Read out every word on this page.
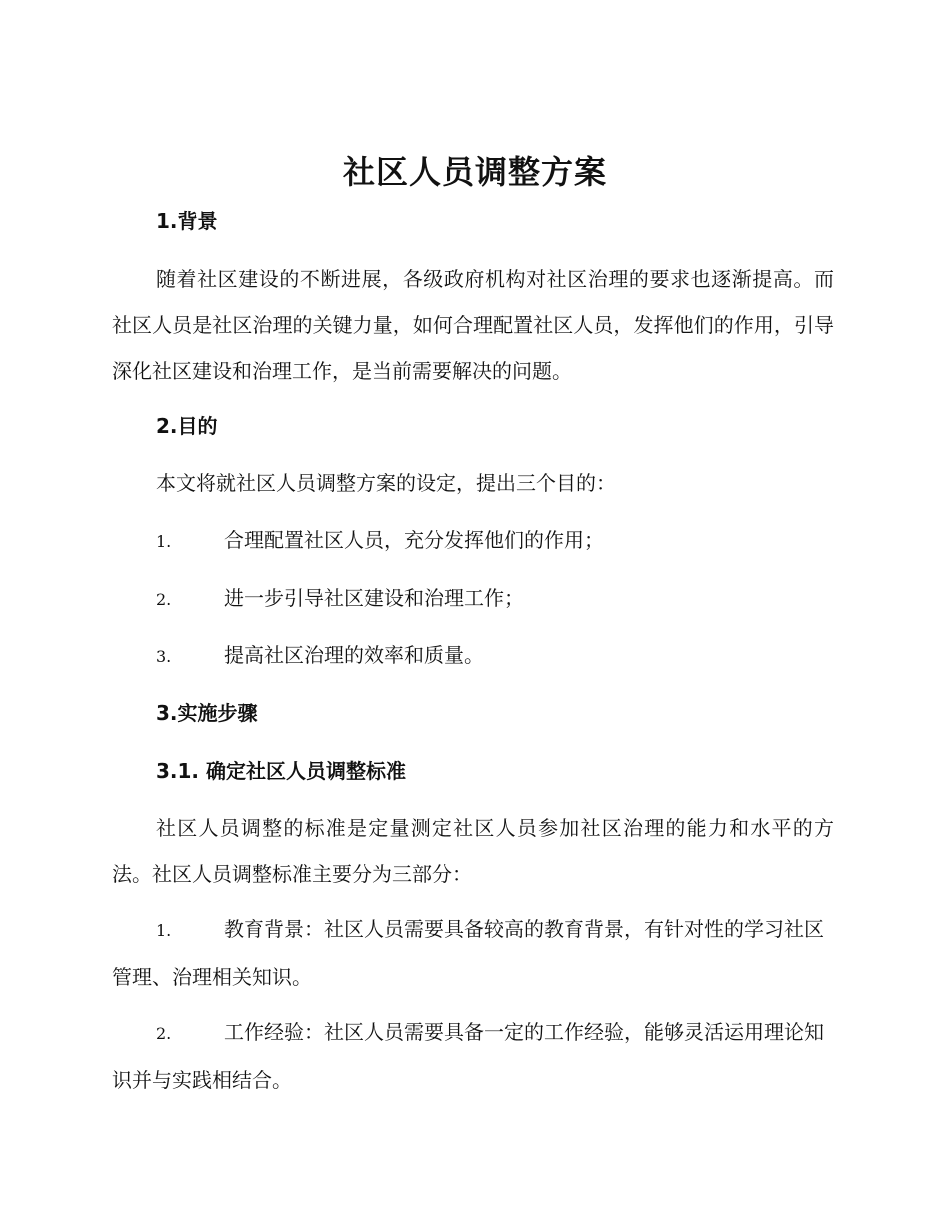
社区人员调整方案
1.背景

随着社区建设的不断进展，各级政府机构对社区治理的要求也逐渐提高。而社区人员是社区治理的关键力量，如何合理配置社区人员，发挥他们的作用，引导深化社区建设和治理工作，是当前需要解决的问题。

2.目的

本文将就社区人员调整方案的设定，提出三个目的：

1.	合理配置社区人员，充分发挥他们的作用；

2.	进一步引导社区建设和治理工作；

3.	提高社区治理的效率和质量。

3.实施步骤
3.1. 确定社区人员调整标准

社区人员调整的标准是定量测定社区人员参加社区治理的能力和水平的方法。社区人员调整标准主要分为三部分：

1.	教育背景：社区人员需要具备较高的教育背景，有针对性的学习社区管理、治理相关知识。

2.	工作经验：社区人员需要具备一定的工作经验，能够灵活运用理论知识并与实践相结合。
